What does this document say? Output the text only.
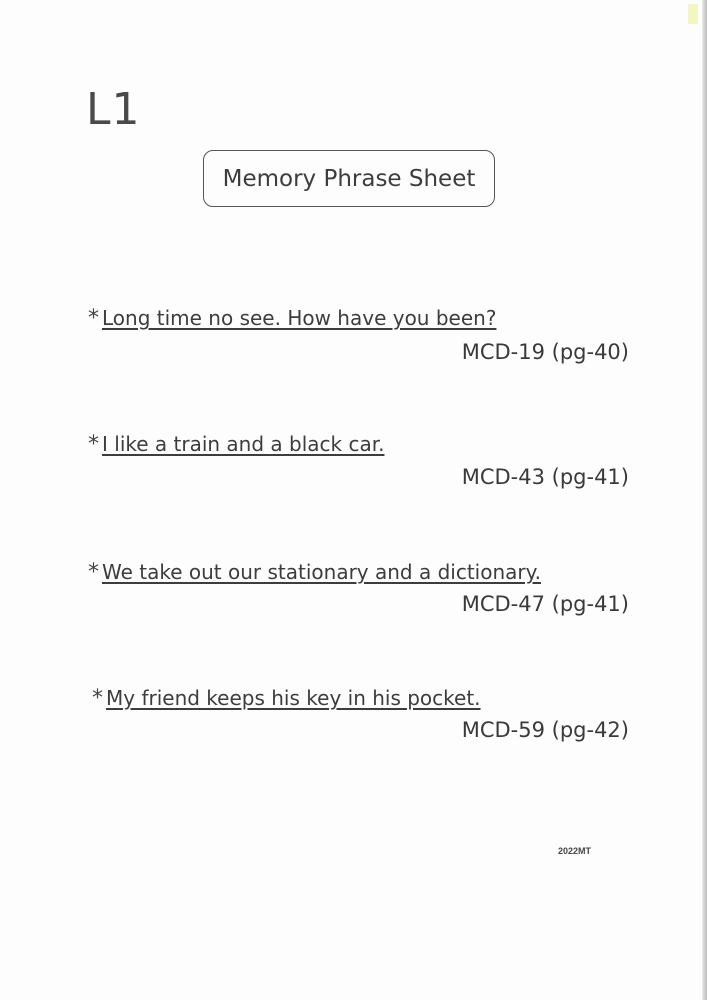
L1
Memory Phrase Sheet
* Long time no see. How have you been?
MCD-19 (pg-40)
* I like a train and a black car.
MCD-43 (pg-41)
* We take out our stationary and a dictionary.
MCD-47 (pg-41)
* My friend keeps his key in his pocket.
MCD-59 (pg-42)
2022MT
